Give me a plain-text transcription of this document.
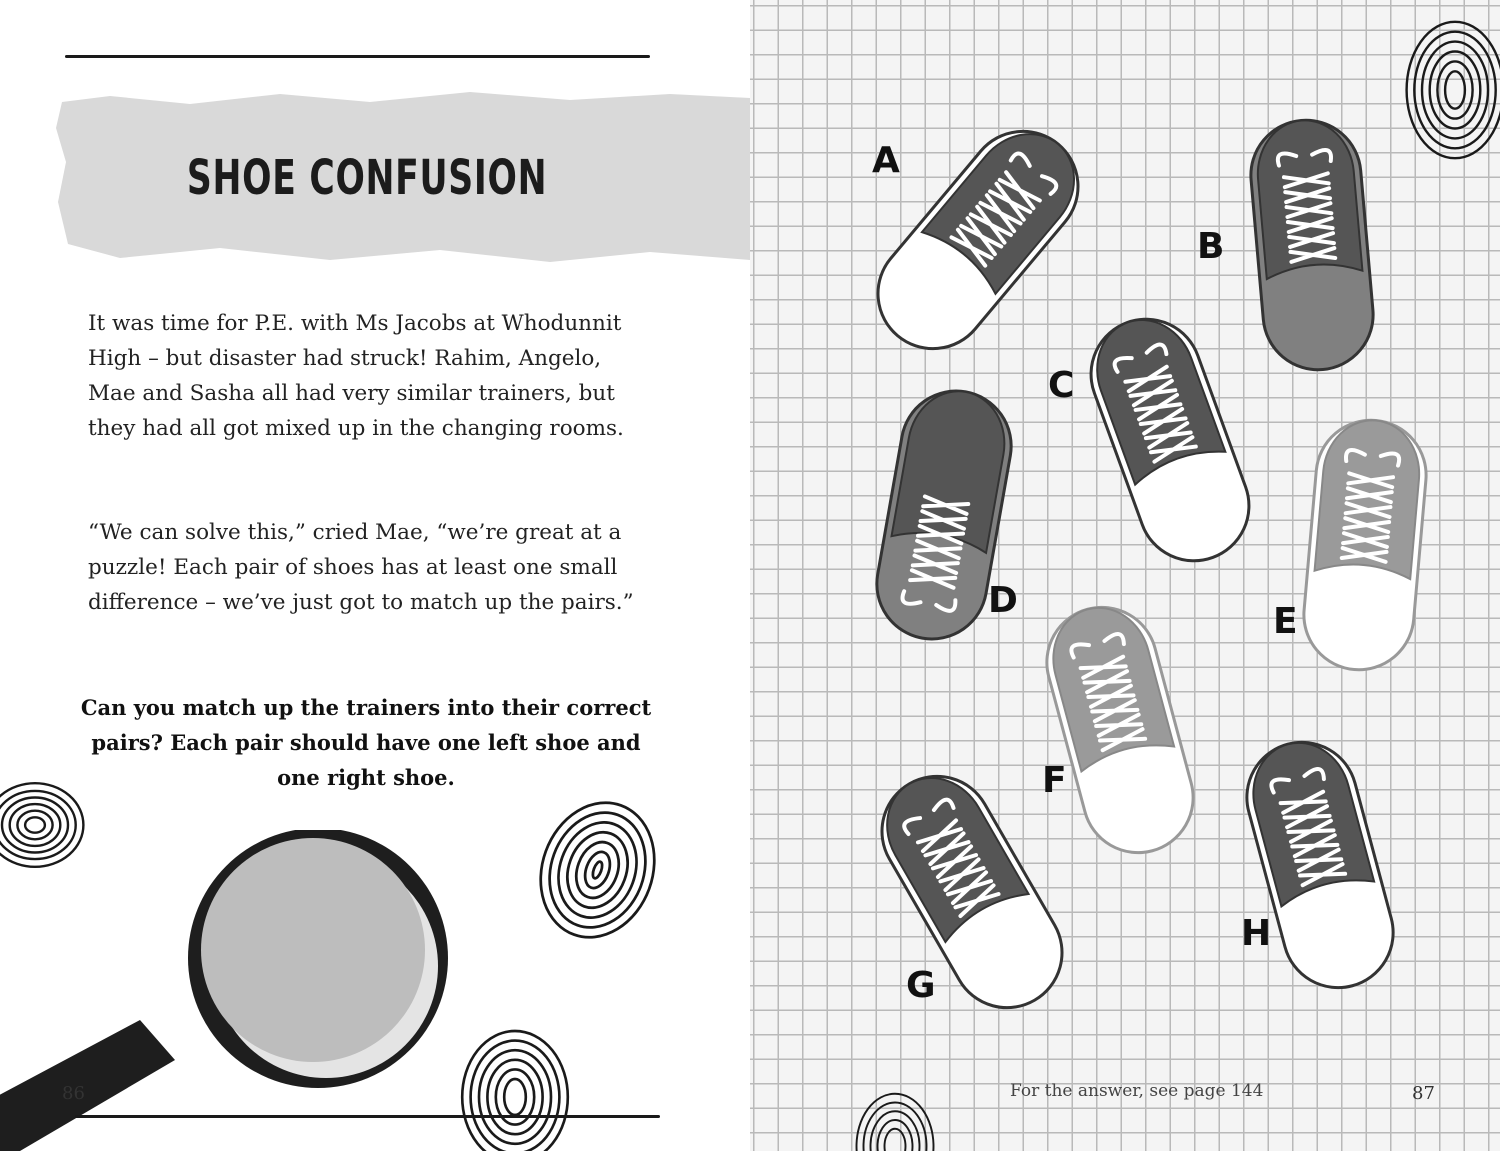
SHOE CONFUSION

It was time for P.E. with Ms Jacobs at Whodunnit High – but disaster had struck! Rahim, Angelo, Mae and Sasha all had very similar trainers, but they had all got mixed up in the changing rooms.

“We can solve this,” cried Mae, “we’re great at a puzzle! Each pair of shoes has at least one small difference – we’ve just got to match up the pairs.”

Can you match up the trainers into their correct pairs? Each pair should have one left shoe and one right shoe.

86
A
B
C
D
E
F
G
H
For the answer, see page 144	87
